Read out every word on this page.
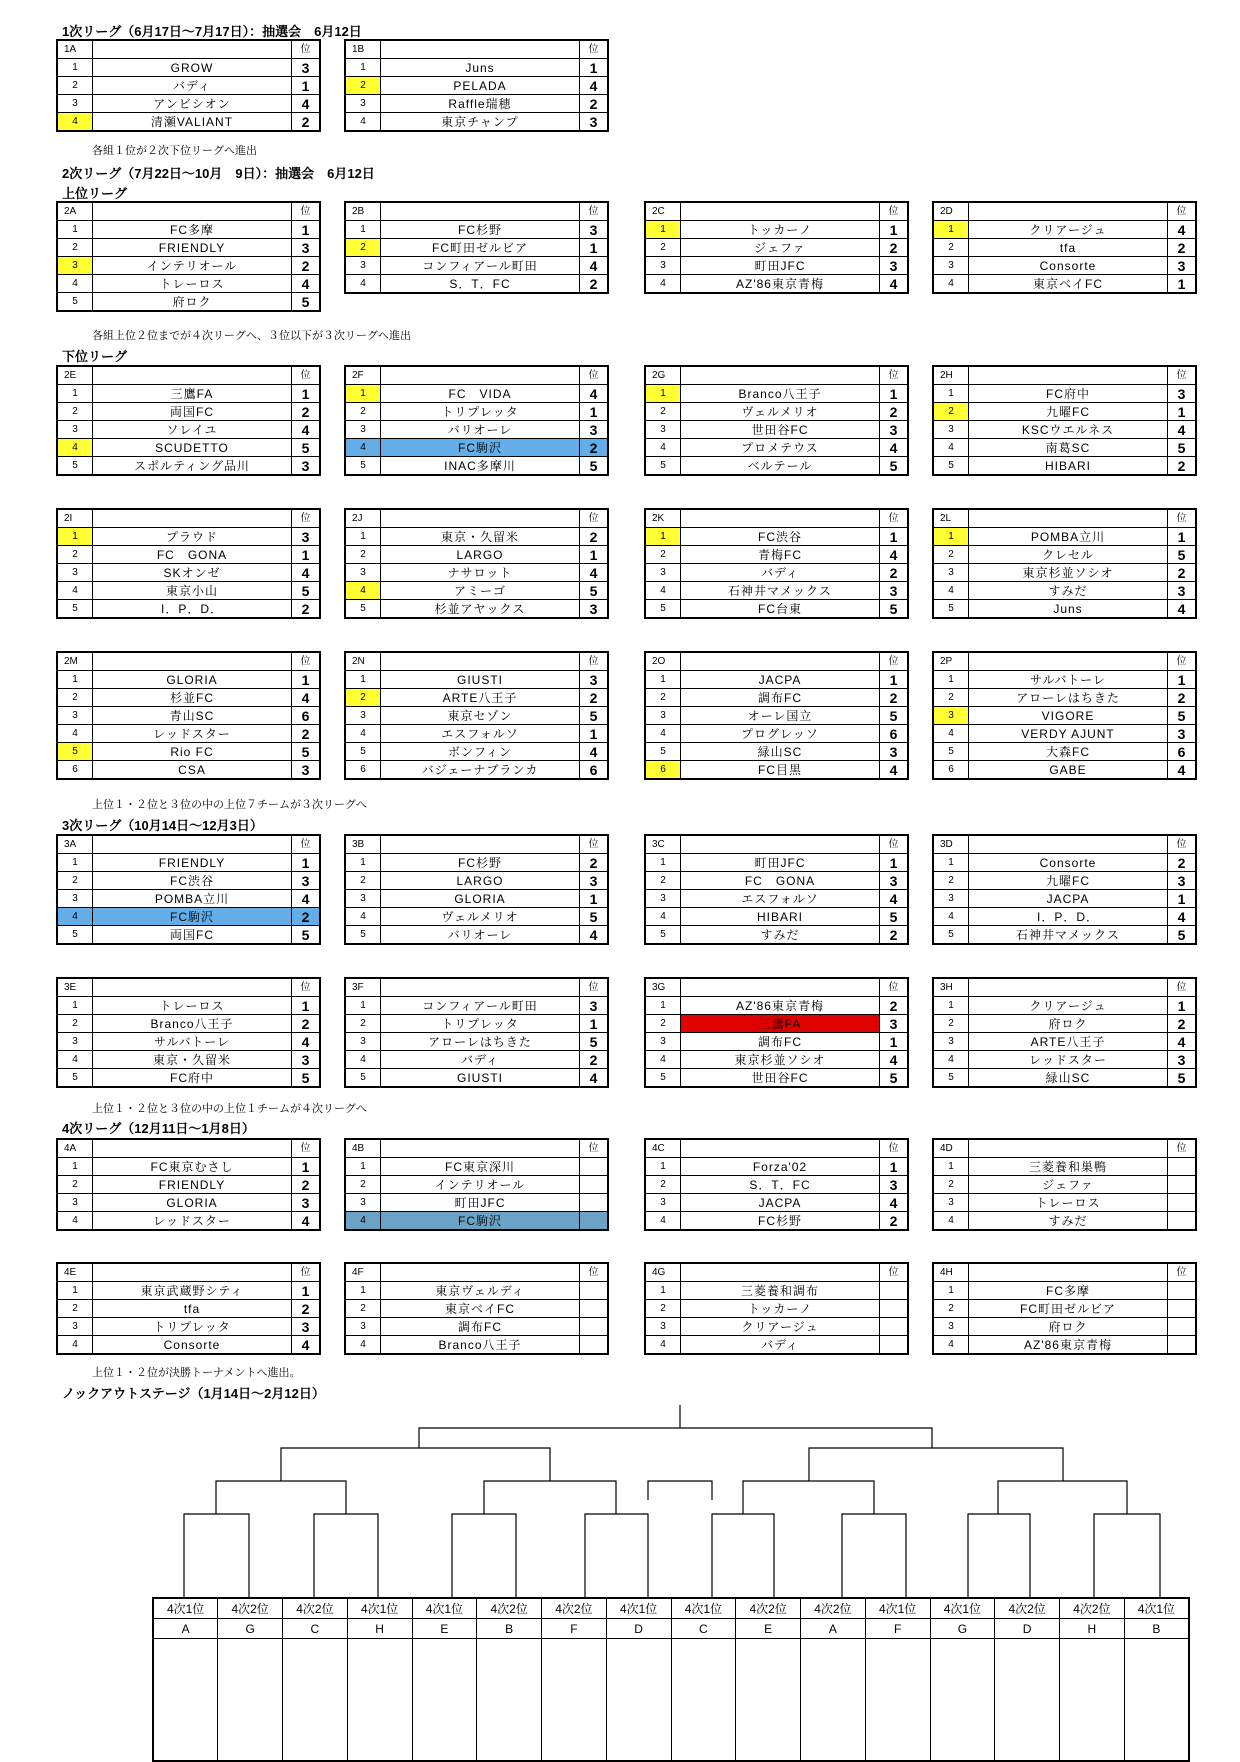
1次リーグ（6月17日〜7月17日）：抽選会　6月12日
各組１位が２次下位リーグへ進出
2次リーグ（7月22日〜10月　9日）：抽選会　6月12日
上位リーグ
各組上位２位までが４次リーグへ、３位以下が３次リーグへ進出
下位リーグ
上位１・２位と３位の中の上位７チームが３次リーグへ
3次リーグ（10月14日〜12月3日）
上位１・２位と３位の中の上位１チームが４次リーグへ
4次リーグ（12月11日〜1月8日）
上位１・２位が決勝トーナメントへ進出。
ノックアウトステージ（1月14日〜2月12日）
1A		位
1	GROW	3
2	バディ	1
3	アンビシオン	4
4	清瀬VALIANT	2
1B		位
1	Juns	1
2	PELADA	4
3	Raffle瑞穂	2
4	東京チャンプ	3
2A		位
1	FC多摩	1
2	FRIENDLY	3
3	インテリオール	2
4	トレーロス	4
5	府ロク	5
2B		位
1	FC杉野	3
2	FC町田ゼルビア	1
3	コンフィアール町田	4
4	S．T．FC	2
2C		位
1	トッカーノ	1
2	ジェファ	2
3	町田JFC	3
4	AZ'86東京青梅	4
2D		位
1	クリアージュ	4
2	tfa	2
3	Consorte	3
4	東京ベイFC	1
2E		位
1	三鷹FA	1
2	両国FC	2
3	ソレイユ	4
4	SCUDETTO	5
5	スポルティング品川	3
2F		位
1	FC　VIDA	4
2	トリプレッタ	1
3	バリオーレ	3
4	FC駒沢	2
5	INAC多摩川	5
2G		位
1	Branco八王子	1
2	ヴェルメリオ	2
3	世田谷FC	3
4	プロメテウス	4
5	ベルテール	5
2H		位
1	FC府中	3
2	九曜FC	1
3	KSCウエルネス	4
4	南葛SC	5
5	HIBARI	2
2I		位
1	プラウド	3
2	FC　GONA	1
3	SKオンゼ	4
4	東京小山	5
5	I．P．D．	2
2J		位
1	東京・久留米	2
2	LARGO	1
3	ナサロット	4
4	アミーゴ	5
5	杉並アヤックス	3
2K		位
1	FC渋谷	1
2	青梅FC	4
3	バディ	2
4	石神井マメックス	3
5	FC台東	5
2L		位
1	POMBA立川	1
2	クレセル	5
3	東京杉並ソシオ	2
4	すみだ	3
5	Juns	4
2M		位
1	GLORIA	1
2	杉並FC	4
3	青山SC	6
4	レッドスター	2
5	Rio FC	5
6	CSA	3
2N		位
1	GIUSTI	3
2	ARTE八王子	2
3	東京セゾン	5
4	エスフォルソ	1
5	ボンフィン	4
6	バジェーナブランカ	6
2O		位
1	JACPA	1
2	調布FC	2
3	オーレ国立	5
4	プログレッソ	6
5	緑山SC	3
6	FC目黒	4
2P		位
1	サルバトーレ	1
2	アローレはちきた	2
3	VIGORE	5
4	VERDY AJUNT	3
5	大森FC	6
6	GABE	4
3A		位
1	FRIENDLY	1
2	FC渋谷	3
3	POMBA立川	4
4	FC駒沢	2
5	両国FC	5
3B		位
1	FC杉野	2
2	LARGO	3
3	GLORIA	1
4	ヴェルメリオ	5
5	バリオーレ	4
3C		位
1	町田JFC	1
2	FC　GONA	3
3	エスフォルソ	4
4	HIBARI	5
5	すみだ	2
3D		位
1	Consorte	2
2	九曜FC	3
3	JACPA	1
4	I．P．D．	4
5	石神井マメックス	5
3E		位
1	トレーロス	1
2	Branco八王子	2
3	サルバトーレ	4
4	東京・久留米	3
5	FC府中	5
3F		位
1	コンフィアール町田	3
2	トリプレッタ	1
3	アローレはちきた	5
4	バディ	2
5	GIUSTI	4
3G		位
1	AZ'86東京青梅	2
2	三鷹FA	3
3	調布FC	1
4	東京杉並ソシオ	4
5	世田谷FC	5
3H		位
1	クリアージュ	1
2	府ロク	2
3	ARTE八王子	4
4	レッドスター	3
5	緑山SC	5
4A		位
1	FC東京むさし	1
2	FRIENDLY	2
3	GLORIA	3
4	レッドスター	4
4B		位
1	FC東京深川	
2	インテリオール	
3	町田JFC	
4	FC駒沢	
4C		位
1	Forza'02	1
2	S．T．FC	3
3	JACPA	4
4	FC杉野	2
4D		位
1	三菱養和巣鴨	
2	ジェファ	
3	トレーロス	
4	すみだ	
4E		位
1	東京武蔵野シティ	1
2	tfa	2
3	トリプレッタ	3
4	Consorte	4
4F		位
1	東京ヴェルディ	
2	東京ベイFC	
3	調布FC	
4	Branco八王子	
4G		位
1	三菱養和調布	
2	トッカーノ	
3	クリアージュ	
4	バディ	
4H		位
1	FC多摩	
2	FC町田ゼルビア	
3	府ロク	
4	AZ'86東京青梅	
4次1位	4次2位	4次2位	4次1位	4次1位	4次2位	4次2位	4次1位	4次1位	4次2位	4次2位	4次1位	4次1位	4次2位	4次2位	4次1位
A	G	C	H	E	B	F	D	C	E	A	F	G	D	H	B
